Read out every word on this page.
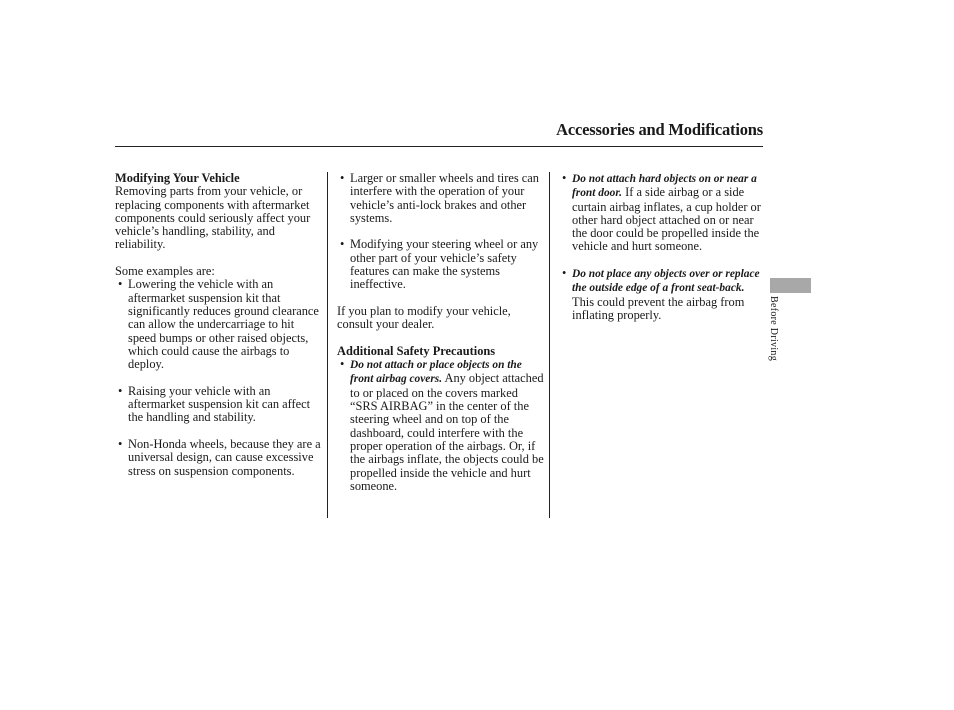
Accessories and Modifications

Modifying Your Vehicle

Removing parts from your vehicle, or replacing components with aftermarket components could seriously affect your vehicle’s handling, stability, and reliability.

Some examples are:

• Lowering the vehicle with an aftermarket suspension kit that significantly reduces ground clearance can allow the undercarriage to hit speed bumps or other raised objects, which could cause the airbags to deploy.
• Raising your vehicle with an aftermarket suspension kit can affect the handling and stability.
• Non-Honda wheels, because they are a universal design, can cause excessive stress on suspension components.
• Larger or smaller wheels and tires can interfere with the operation of your vehicle’s anti-lock brakes and other systems.
• Modifying your steering wheel or any other part of your vehicle’s safety features can make the systems ineffective.

If you plan to modify your vehicle, consult your dealer.

Additional Safety Precautions

• Do not attach or place objects on the front airbag covers. Any object attached to or placed on the covers marked “SRS AIRBAG” in the center of the steering wheel and on top of the dashboard, could interfere with the proper operation of the airbags. Or, if the airbags inflate, the objects could be propelled inside the vehicle and hurt someone.
• Do not attach hard objects on or near a front door. If a side airbag or a side curtain airbag inflates, a cup holder or other hard object attached on or near the door could be propelled inside the vehicle and hurt someone.
• Do not place any objects over or replace the outside edge of a front seat-back. This could prevent the airbag from inflating properly.	Before Driving
